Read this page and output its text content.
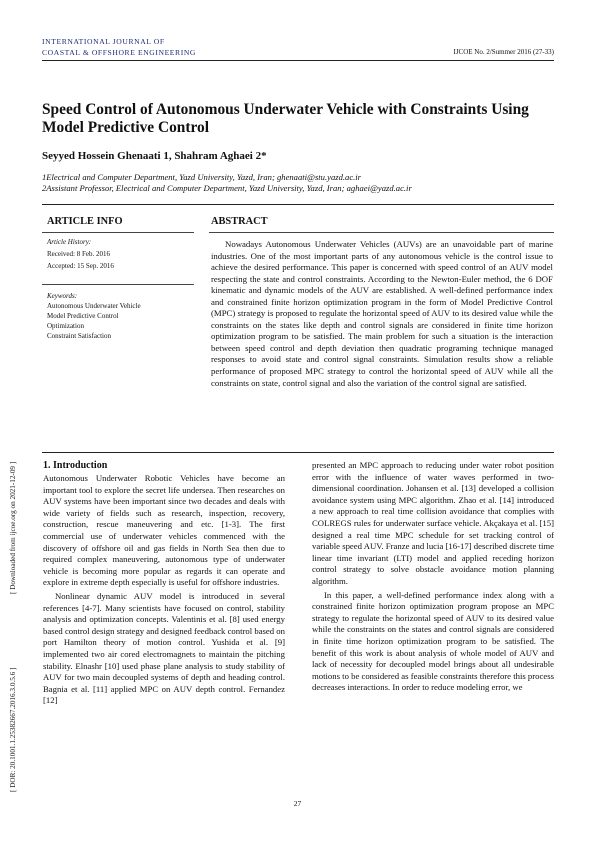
INTERNATIONAL JOURNAL OF
COASTAL & OFFSHORE ENGINEERING	IJCOE No. 2/Summer 2016 (27-33)
Speed Control of Autonomous Underwater Vehicle with Constraints Using Model Predictive Control
Seyyed Hossein Ghenaati 1, Shahram Aghaei 2*
1Electrical and Computer Department, Yazd University, Yazd, Iran; ghenaati@stu.yazd.ac.ir
2Assistant Professor, Electrical and Computer Department, Yazd University, Yazd, Iran; aghaei@yazd.ac.ir
ARTICLE INFO
Article History:
Received: 8 Feb. 2016
Accepted: 15 Sep. 2016
Keywords:
Autonomous Underwater Vehicle
Model Predictive Control
Optimization
Constraint Satisfaction
ABSTRACT
Nowadays Autonomous Underwater Vehicles (AUVs) are an unavoidable part of marine industries. One of the most important parts of any autonomous vehicle is the control issue to achieve the desired performance. This paper is concerned with speed control of an AUV model respecting the state and control constraints. According to the Newton-Euler method, the 6 DOF kinematic and dynamic models of the AUV are established. A well-defined performance index and constrained finite horizon optimization program in the form of Model Predictive Control (MPC) strategy is proposed to regulate the horizontal speed of AUV to its desired value while the constraints on the states like depth and control signals are considered in finite time horizon optimization program to be satisfied. The main problem for such a situation is the interaction between speed control and depth deviation then quadratic programing technique managed responses to avoid state and control signal constraints. Simulation results show a reliable performance of proposed MPC strategy to control the horizontal speed of AUV while all the constraints on state, control signal and also the variation of the control signal are satisfied.
1. Introduction

Autonomous Underwater Robotic Vehicles have become an important tool to explore the secret life undersea. Then researches on AUV systems have been important since two decades and deals with wide variety of fields such as research, inspection, recovery, construction, rescue maneuvering and etc. [1-3]. The first commercial use of underwater vehicles commenced with the discovery of offshore oil and gas fields in North Sea then due to required complex maneuvering, autonomous type of underwater vehicle is becoming more popular as regards it can operate and explore in extreme depth especially is useful for offshore industries.

Nonlinear dynamic AUV model is introduced in several references [4-7]. Many scientists have focused on control, stability analysis and optimization concepts. Valentinis et al. [8] used energy based control design strategy and designed feedback control based on port Hamilton theory of motion control. Yushida et al. [9] implemented two air cored electromagnets to maintain the pitching stability. Elnashr [10] used phase plane analysis to study stability of AUV for two main decoupled systems of depth and heading control. Bagnia et al. [11] applied MPC on AUV depth control. Fernandez [12]

presented an MPC approach to reducing under water robot position error with the influence of water waves performed in two-dimensional coordination. Johansen et al. [13] developed a collision avoidance system using MPC algorithm. Zhao et al. [14] introduced a new approach to real time collision avoidance that complies with COLREGS rules for underwater surface vehicle. Akçakaya et al. [15] designed a real time MPC schedule for set tracking control of variable speed AUV. Franze and lucia [16-17] described discrete time linear time invariant (LTI) model and applied receding horizon control strategy to solve obstacle avoidance motion planning algorithm.

In this paper, a well-defined performance index along with a constrained finite horizon optimization program propose an MPC strategy to regulate the horizontal speed of AUV to its desired value while the constraints on the states and control signals are considered in finite time horizon optimization program to be satisfied. The benefit of this work is about analysis of whole model of AUV and lack of necessity for decoupled model brings about all undesirable motions to be considered as feasible constraints therefore this process decreases interactions. In order to reduce modeling error, we

[ Downloaded from ijcoe.org on 2021-12-09 ]
[ DOR: 20.1001.1.25382667.2016.3.0.5.6 ]
27
